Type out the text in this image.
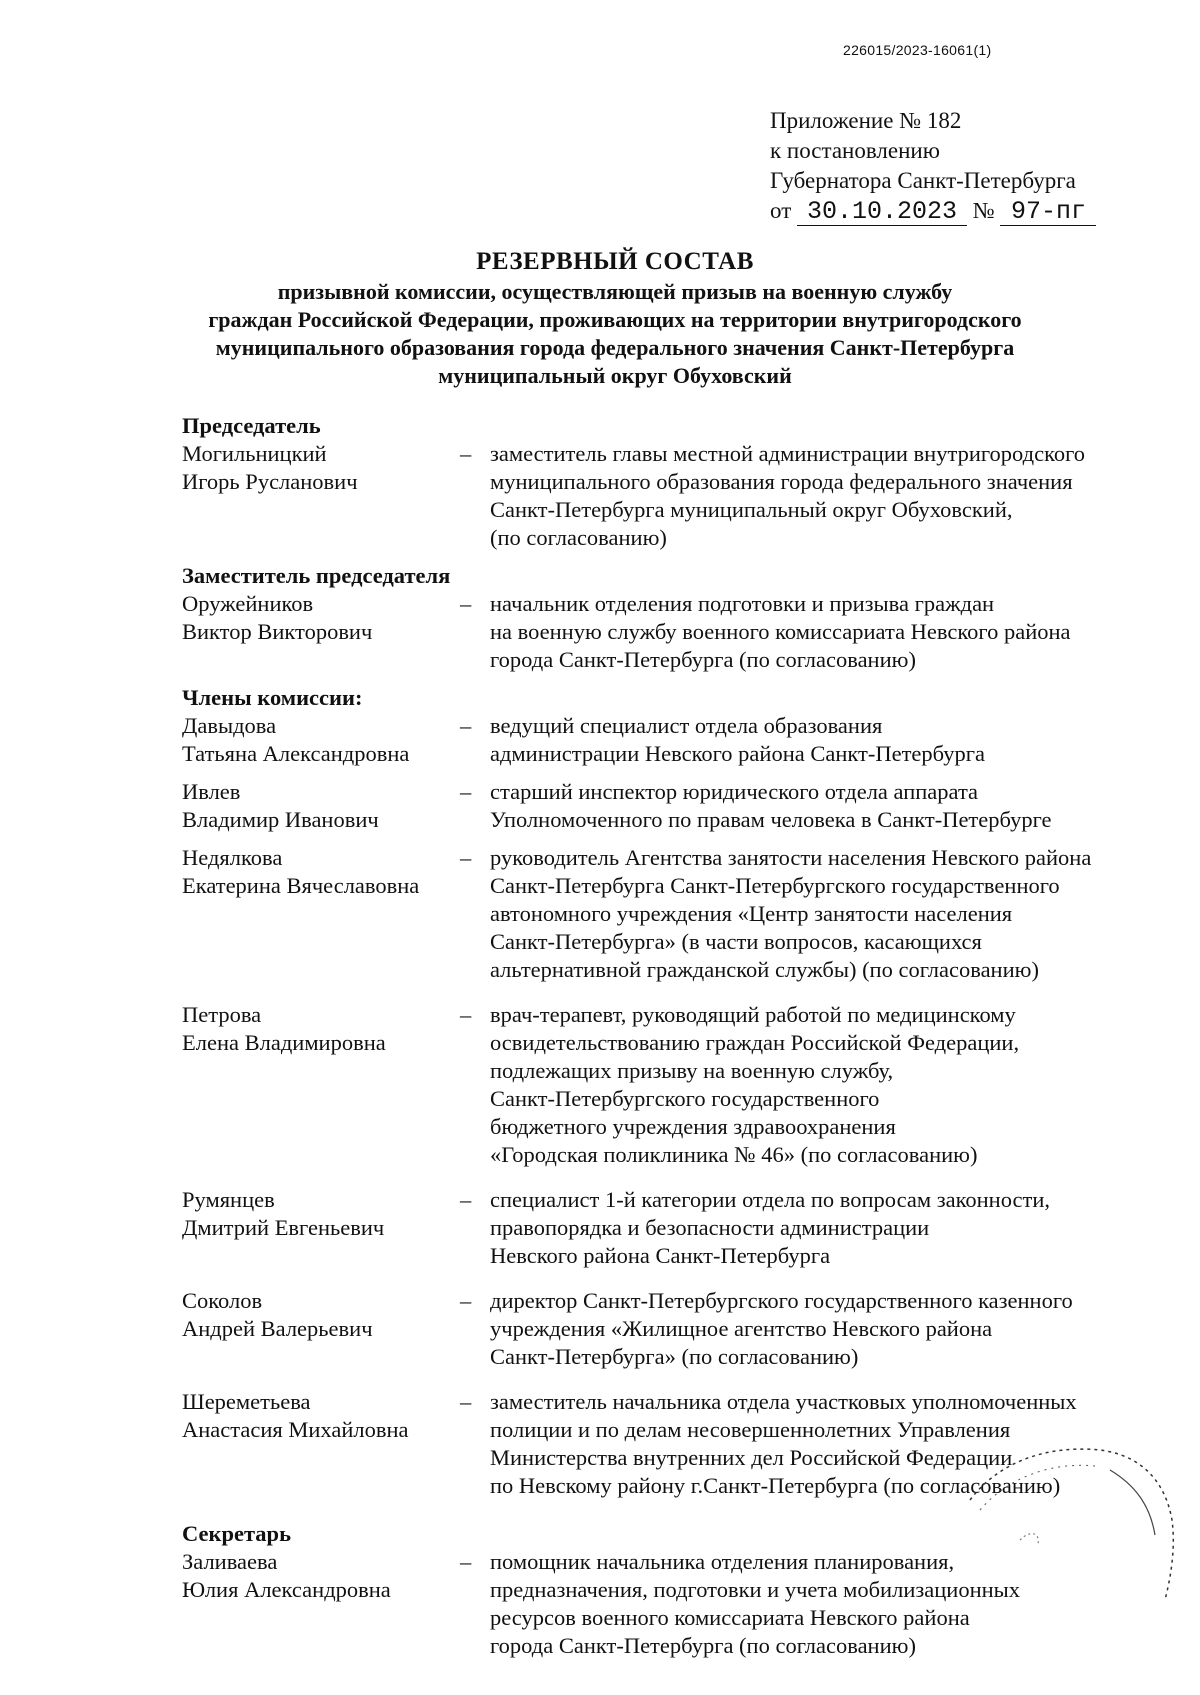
226015/2023-16061(1)
Приложение № 182
к постановлению
Губернатора Санкт-Петербурга
от 30.10.2023 № 97-пг
РЕЗЕРВНЫЙ СОСТАВ
призывной комиссии, осуществляющей призыв на военную службу
граждан Российской Федерации, проживающих на территории внутригородского
муниципального образования города федерального значения Санкт-Петербурга
муниципальный округ Обуховский
Председатель
Могильницкий
Игорь Русланович
– заместитель главы местной администрации внутригородского
муниципального образования города федерального значения
Санкт-Петербурга муниципальный округ Обуховский,
(по согласованию)
Заместитель председателя
Оружейников
Виктор Викторович
– начальник отделения подготовки и призыва граждан
на военную службу военного комиссариата Невского района
города Санкт-Петербурга (по согласованию)
Члены комиссии:
Давыдова
Татьяна Александровна
– ведущий специалист отдела образования
администрации Невского района Санкт-Петербурга
Ивлев
Владимир Иванович
– старший инспектор юридического отдела аппарата
Уполномоченного по правам человека в Санкт-Петербурге
Недялкова
Екатерина Вячеславовна
– руководитель Агентства занятости населения Невского района
Санкт-Петербурга Санкт-Петербургского государственного
автономного учреждения «Центр занятости населения
Санкт-Петербурга» (в части вопросов, касающихся
альтернативной гражданской службы) (по согласованию)
Петрова
Елена Владимировна
– врач-терапевт, руководящий работой по медицинскому
освидетельствованию граждан Российской Федерации,
подлежащих призыву на военную службу,
Санкт-Петербургского государственного
бюджетного учреждения здравоохранения
«Городская поликлиника № 46» (по согласованию)
Румянцев
Дмитрий Евгеньевич
– специалист 1-й категории отдела по вопросам законности,
правопорядка и безопасности администрации
Невского района Санкт-Петербурга
Соколов
Андрей Валерьевич
– директор Санкт-Петербургского государственного казенного
учреждения «Жилищное агентство Невского района
Санкт-Петербурга» (по согласованию)
Шереметьева
Анастасия Михайловна
– заместитель начальника отдела участковых уполномоченных
полиции и по делам несовершеннолетних Управления
Министерства внутренних дел Российской Федерации
по Невскому району г.Санкт-Петербурга (по согласованию)
Секретарь
Заливаева
Юлия Александровна
– помощник начальника отделения планирования,
предназначения, подготовки и учета мобилизационных
ресурсов военного комиссариата Невского района
города Санкт-Петербурга (по согласованию)
